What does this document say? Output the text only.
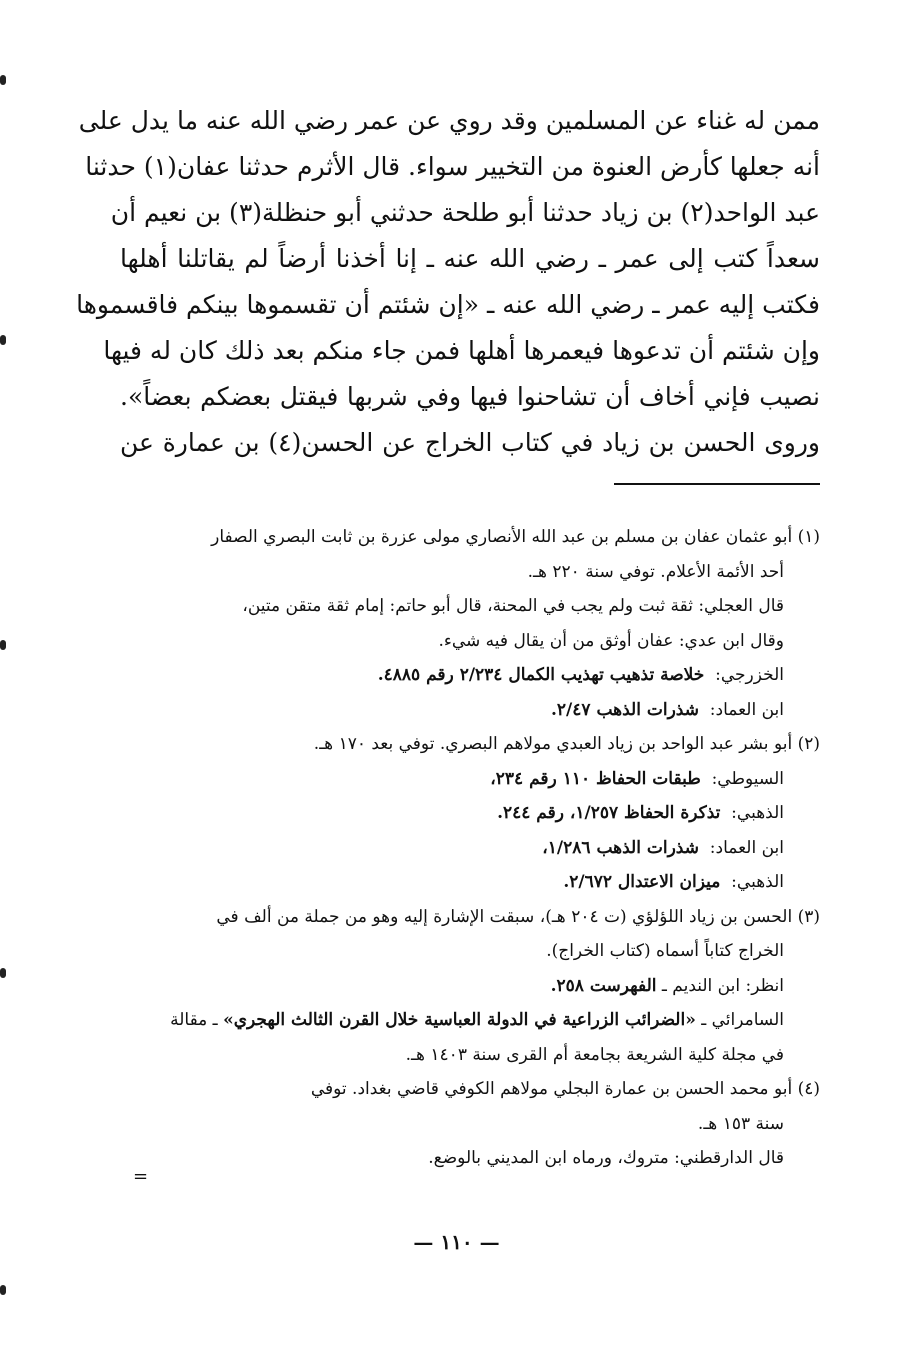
ممن له غناء عن المسلمين وقد روي عن عمر رضي الله عنه ما يدل على
أنه جعلها كأرض العنوة من التخيير سواء. قال الأثرم حدثنا عفان(١) حدثنا
عبد الواحد(٢) بن زياد حدثنا أبو طلحة حدثني أبو حنظلة(٣) بن نعيم أن
سعداً كتب إلى عمر ـ رضي الله عنه ـ إنا أخذنا أرضاً لم يقاتلنا أهلها
فكتب إليه عمر ـ رضي الله عنه ـ «إن شئتم أن تقسموها بينكم فاقسموها
وإن شئتم أن تدعوها فيعمرها أهلها فمن جاء منكم بعد ذلك كان له فيها
نصيب فإني أخاف أن تشاحنوا فيها وفي شربها فيقتل بعضكم بعضاً».
وروى الحسن بن زياد في كتاب الخراج عن الحسن(٤) بن عمارة عن
(١) أبو عثمان عفان بن مسلم بن عبد الله الأنصاري مولى عزرة بن ثابت البصري الصفار
أحد الأئمة الأعلام. توفي سنة ٢٢٠ هـ.
قال العجلي: ثقة ثبت ولم يجب في المحنة، قال أبو حاتم: إمام ثقة متقن متين،
وقال ابن عدي: عفان أوثق من أن يقال فيه شيء.
الخزرجي:  خلاصة تذهيب تهذيب الكمال ٢/٢٣٤ رقم ٤٨٨٥.
ابن العماد:  شذرات الذهب ٢/٤٧.
(٢) أبو بشر عبد الواحد بن زياد العبدي مولاهم البصري. توفي بعد ١٧٠ هـ.
السيوطي:  طبقات الحفاظ ١١٠ رقم ٢٣٤،
الذهبي:  تذكرة الحفاظ ١/٢٥٧، رقم ٢٤٤.
ابن العماد:  شذرات الذهب ١/٢٨٦،
الذهبي:  ميزان الاعتدال ٢/٦٧٢.
(٣) الحسن بن زياد اللؤلؤي (ت ٢٠٤ هـ)، سبقت الإشارة إليه وهو من جملة من ألف في
الخراج كتاباً أسماه (كتاب الخراج).
انظر: ابن النديم ـ الفهرست ٢٥٨.
السامرائي ـ «الضرائب الزراعية في الدولة العباسية خلال القرن الثالث الهجري» ـ مقالة
في مجلة كلية الشريعة بجامعة أم القرى سنة ١٤٠٣ هـ.
(٤) أبو محمد الحسن بن عمارة البجلي مولاهم الكوفي قاضي بغداد. توفي
سنة ١٥٣ هـ.
قال الدارقطني: متروك، ورماه ابن المديني بالوضع.
=
— ١١٠ —
